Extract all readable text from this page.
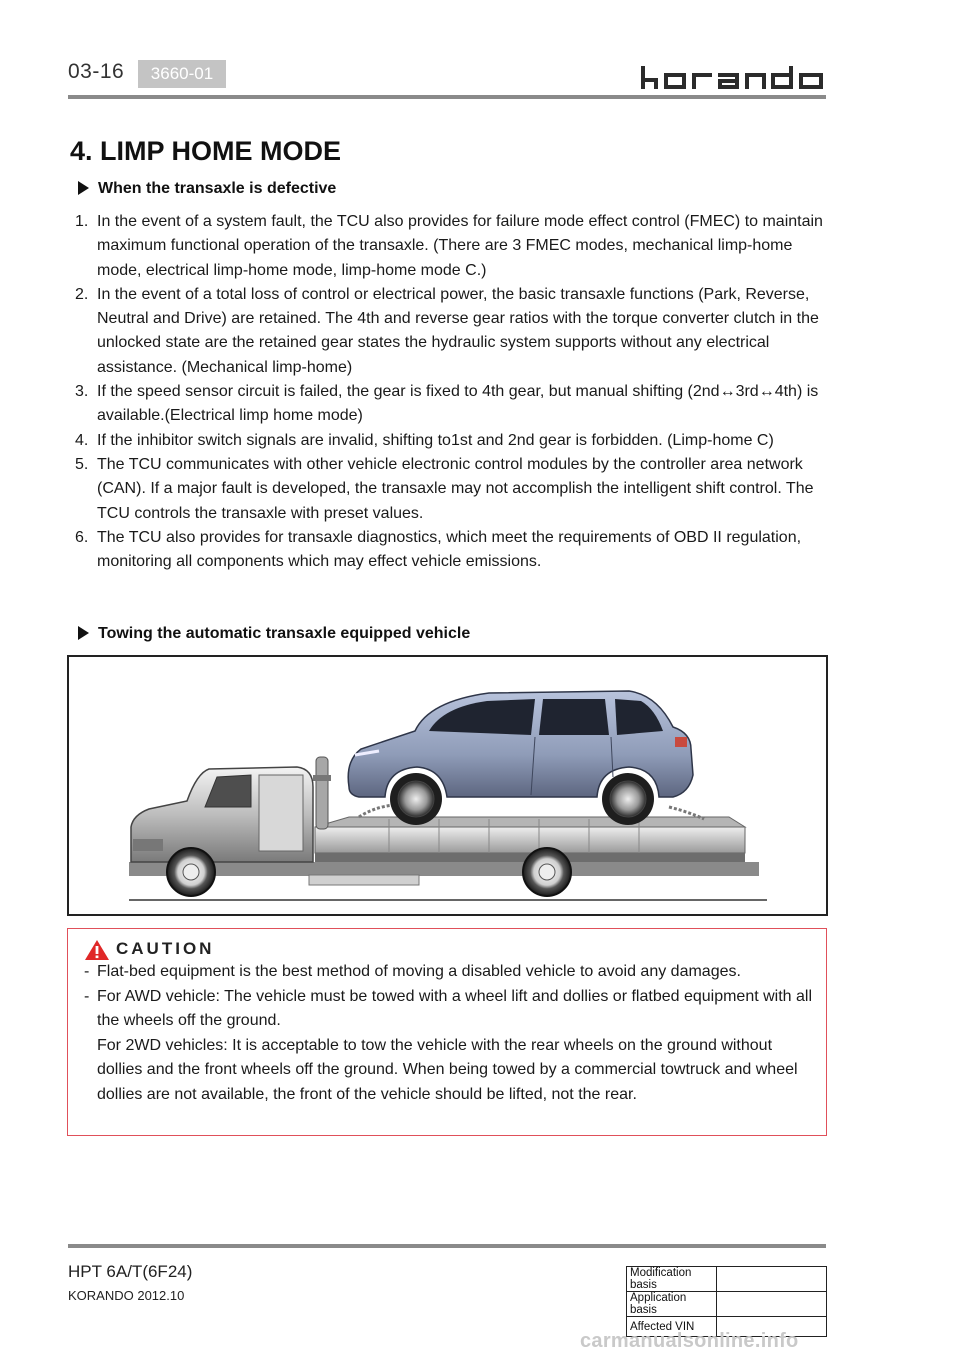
03-16	3660-01
4. LIMP HOME MODE
When the transaxle is defective
1. In the event of a system fault, the TCU also provides for failure mode effect control (FMEC) to maintain maximum functional operation of the transaxle. (There are 3 FMEC modes, mechanical limp-home mode, electrical limp-home mode, limp-home mode C.)
2. In the event of a total loss of control or electrical power, the basic transaxle functions (Park, Reverse, Neutral and Drive) are retained. The 4th and reverse gear ratios with the torque converter clutch in the unlocked state are the retained gear states the hydraulic system supports without any electrical assistance. (Mechanical limp-home)
3. If the speed sensor circuit is failed, the gear is fixed to 4th gear, but manual shifting (2nd↔3rd↔4th) is available.(Electrical limp home mode)
4. If the inhibitor switch signals are invalid, shifting to1st and 2nd gear is forbidden. (Limp-home C)
5. The TCU communicates with other vehicle electronic control modules by the controller area network (CAN). If a major fault is developed, the transaxle may not accomplish the intelligent shift control. The TCU controls the transaxle with preset values.
6. The TCU also provides for transaxle diagnostics, which meet the requirements of OBD II regulation, monitoring all components which may effect vehicle emissions.
Towing the automatic transaxle equipped vehicle
CAUTION
- Flat-bed equipment is the best method of moving a disabled vehicle to avoid any damages.
- For AWD vehicle: The vehicle must be towed with a wheel lift and dollies or flatbed equipment with all the wheels off the ground.
For 2WD vehicles: It is acceptable to tow the vehicle with the rear wheels on the ground without dollies and the front wheels off the ground. When being towed by a commercial towtruck and wheel dollies are not available, the front of the vehicle should be lifted, not the rear.
HPT 6A/T(6F24)
KORANDO 2012.10
Modification basis	
Application basis	
Affected VIN	
carmanualsonline.info
